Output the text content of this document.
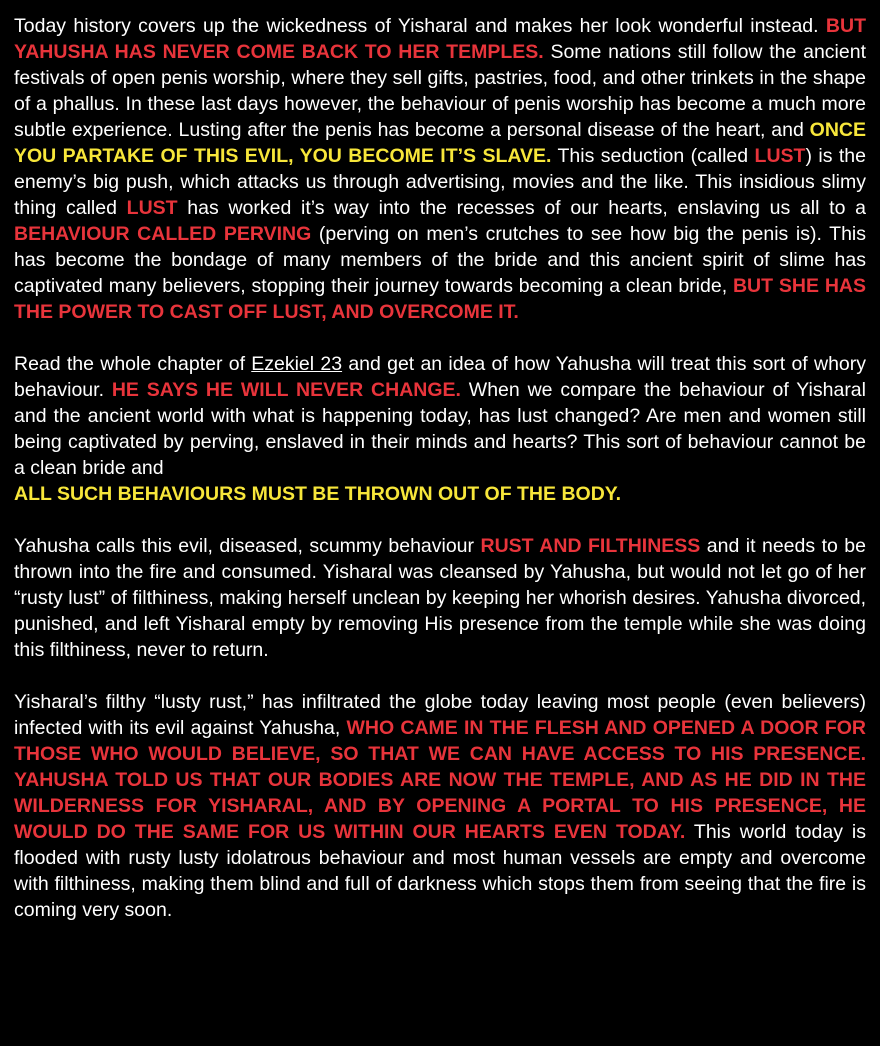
Today history covers up the wickedness of Yisharal and makes her look wonderful instead. BUT YAHUSHA HAS NEVER COME BACK TO HER TEMPLES. Some nations still follow the ancient festivals of open penis worship, where they sell gifts, pastries, food, and other trinkets in the shape of a phallus. In these last days however, the behaviour of penis worship has become a much more subtle experience. Lusting after the penis has become a personal disease of the heart, and ONCE YOU PARTAKE OF THIS EVIL, YOU BECOME IT’S SLAVE. This seduction (called LUST) is the enemy’s big push, which attacks us through advertising, movies and the like. This insidious slimy thing called LUST has worked it’s way into the recesses of our hearts, enslaving us all to a BEHAVIOUR CALLED PERVING (perving on men’s crutches to see how big the penis is). This has become the bondage of many members of the bride and this ancient spirit of slime has captivated many believers, stopping their journey towards becoming a clean bride, BUT SHE HAS THE POWER TO CAST OFF LUST, AND OVERCOME IT.

Read the whole chapter of Ezekiel 23 and get an idea of how Yahusha will treat this sort of whory behaviour. HE SAYS HE WILL NEVER CHANGE. When we compare the behaviour of Yisharal and the ancient world with what is happening today, has lust changed? Are men and women still being captivated by perving, enslaved in their minds and hearts? This sort of behaviour cannot be a clean bride and
ALL SUCH BEHAVIOURS MUST BE THROWN OUT OF THE BODY.

Yahusha calls this evil, diseased, scummy behaviour RUST AND FILTHINESS and it needs to be thrown into the fire and consumed. Yisharal was cleansed by Yahusha, but would not let go of her “rusty lust” of filthiness, making herself unclean by keeping her whorish desires. Yahusha divorced, punished, and left Yisharal empty by removing His presence from the temple while she was doing this filthiness, never to return.

Yisharal’s filthy “lusty rust,” has infiltrated the globe today leaving most people (even believers) infected with its evil against Yahusha, WHO CAME IN THE FLESH AND OPENED A DOOR FOR THOSE WHO WOULD BELIEVE, SO THAT WE CAN HAVE ACCESS TO HIS PRESENCE. YAHUSHA TOLD US THAT OUR BODIES ARE NOW THE TEMPLE, AND AS HE DID IN THE WILDERNESS FOR YISHARAL, AND BY OPENING A PORTAL TO HIS PRESENCE, HE WOULD DO THE SAME FOR US WITHIN OUR HEARTS EVEN TODAY. This world today is flooded with rusty lusty idolatrous behaviour and most human vessels are empty and overcome with filthiness, making them blind and full of darkness which stops them from seeing that the fire is coming very soon.
